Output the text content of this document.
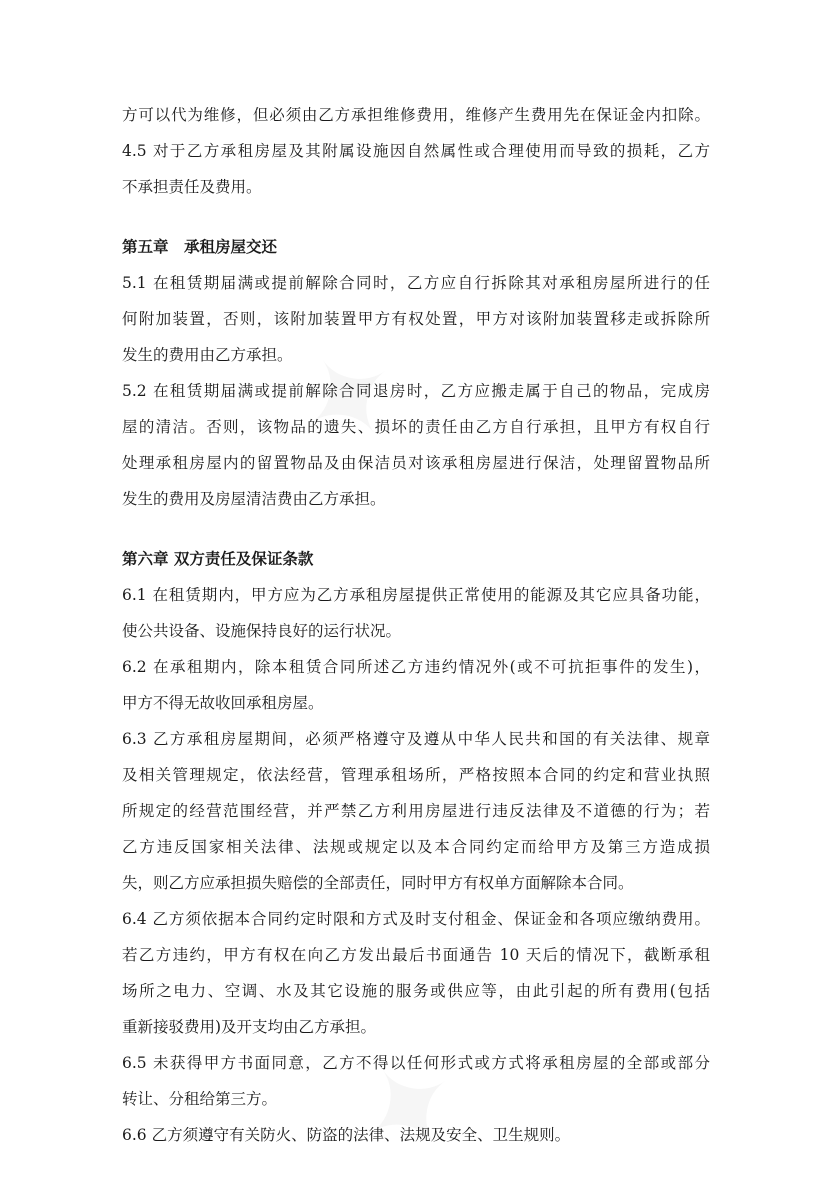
方可以代为维修，但必须由乙方承担维修费用，维修产生费用先在保证金内扣除。
4.5 对于乙方承租房屋及其附属设施因自然属性或合理使用而导致的损耗，乙方
不承担责任及费用。
第五章　承租房屋交还
5.1 在租赁期届满或提前解除合同时，乙方应自行拆除其对承租房屋所进行的任
何附加装置，否则，该附加装置甲方有权处置，甲方对该附加装置移走或拆除所
发生的费用由乙方承担。
5.2 在租赁期届满或提前解除合同退房时，乙方应搬走属于自己的物品，完成房
屋的清洁。否则，该物品的遗失、损坏的责任由乙方自行承担，且甲方有权自行
处理承租房屋内的留置物品及由保洁员对该承租房屋进行保洁，处理留置物品所
发生的费用及房屋清洁费由乙方承担。
第六章 双方责任及保证条款
6.1 在租赁期内，甲方应为乙方承租房屋提供正常使用的能源及其它应具备功能，
使公共设备、设施保持良好的运行状况。
6.2 在承租期内，除本租赁合同所述乙方违约情况外(或不可抗拒事件的发生)，
甲方不得无故收回承租房屋。
6.3 乙方承租房屋期间，必须严格遵守及遵从中华人民共和国的有关法律、规章
及相关管理规定，依法经营，管理承租场所，严格按照本合同的约定和营业执照
所规定的经营范围经营，并严禁乙方利用房屋进行违反法律及不道德的行为；若
乙方违反国家相关法律、法规或规定以及本合同约定而给甲方及第三方造成损
失，则乙方应承担损失赔偿的全部责任，同时甲方有权单方面解除本合同。
6.4 乙方须依据本合同约定时限和方式及时支付租金、保证金和各项应缴纳费用。
若乙方违约，甲方有权在向乙方发出最后书面通告 10 天后的情况下，截断承租
场所之电力、空调、水及其它设施的服务或供应等，由此引起的所有费用(包括
重新接驳费用)及开支均由乙方承担。
6.5 未获得甲方书面同意，乙方不得以任何形式或方式将承租房屋的全部或部分
转让、分租给第三方。
6.6 乙方须遵守有关防火、防盗的法律、法规及安全、卫生规则。
